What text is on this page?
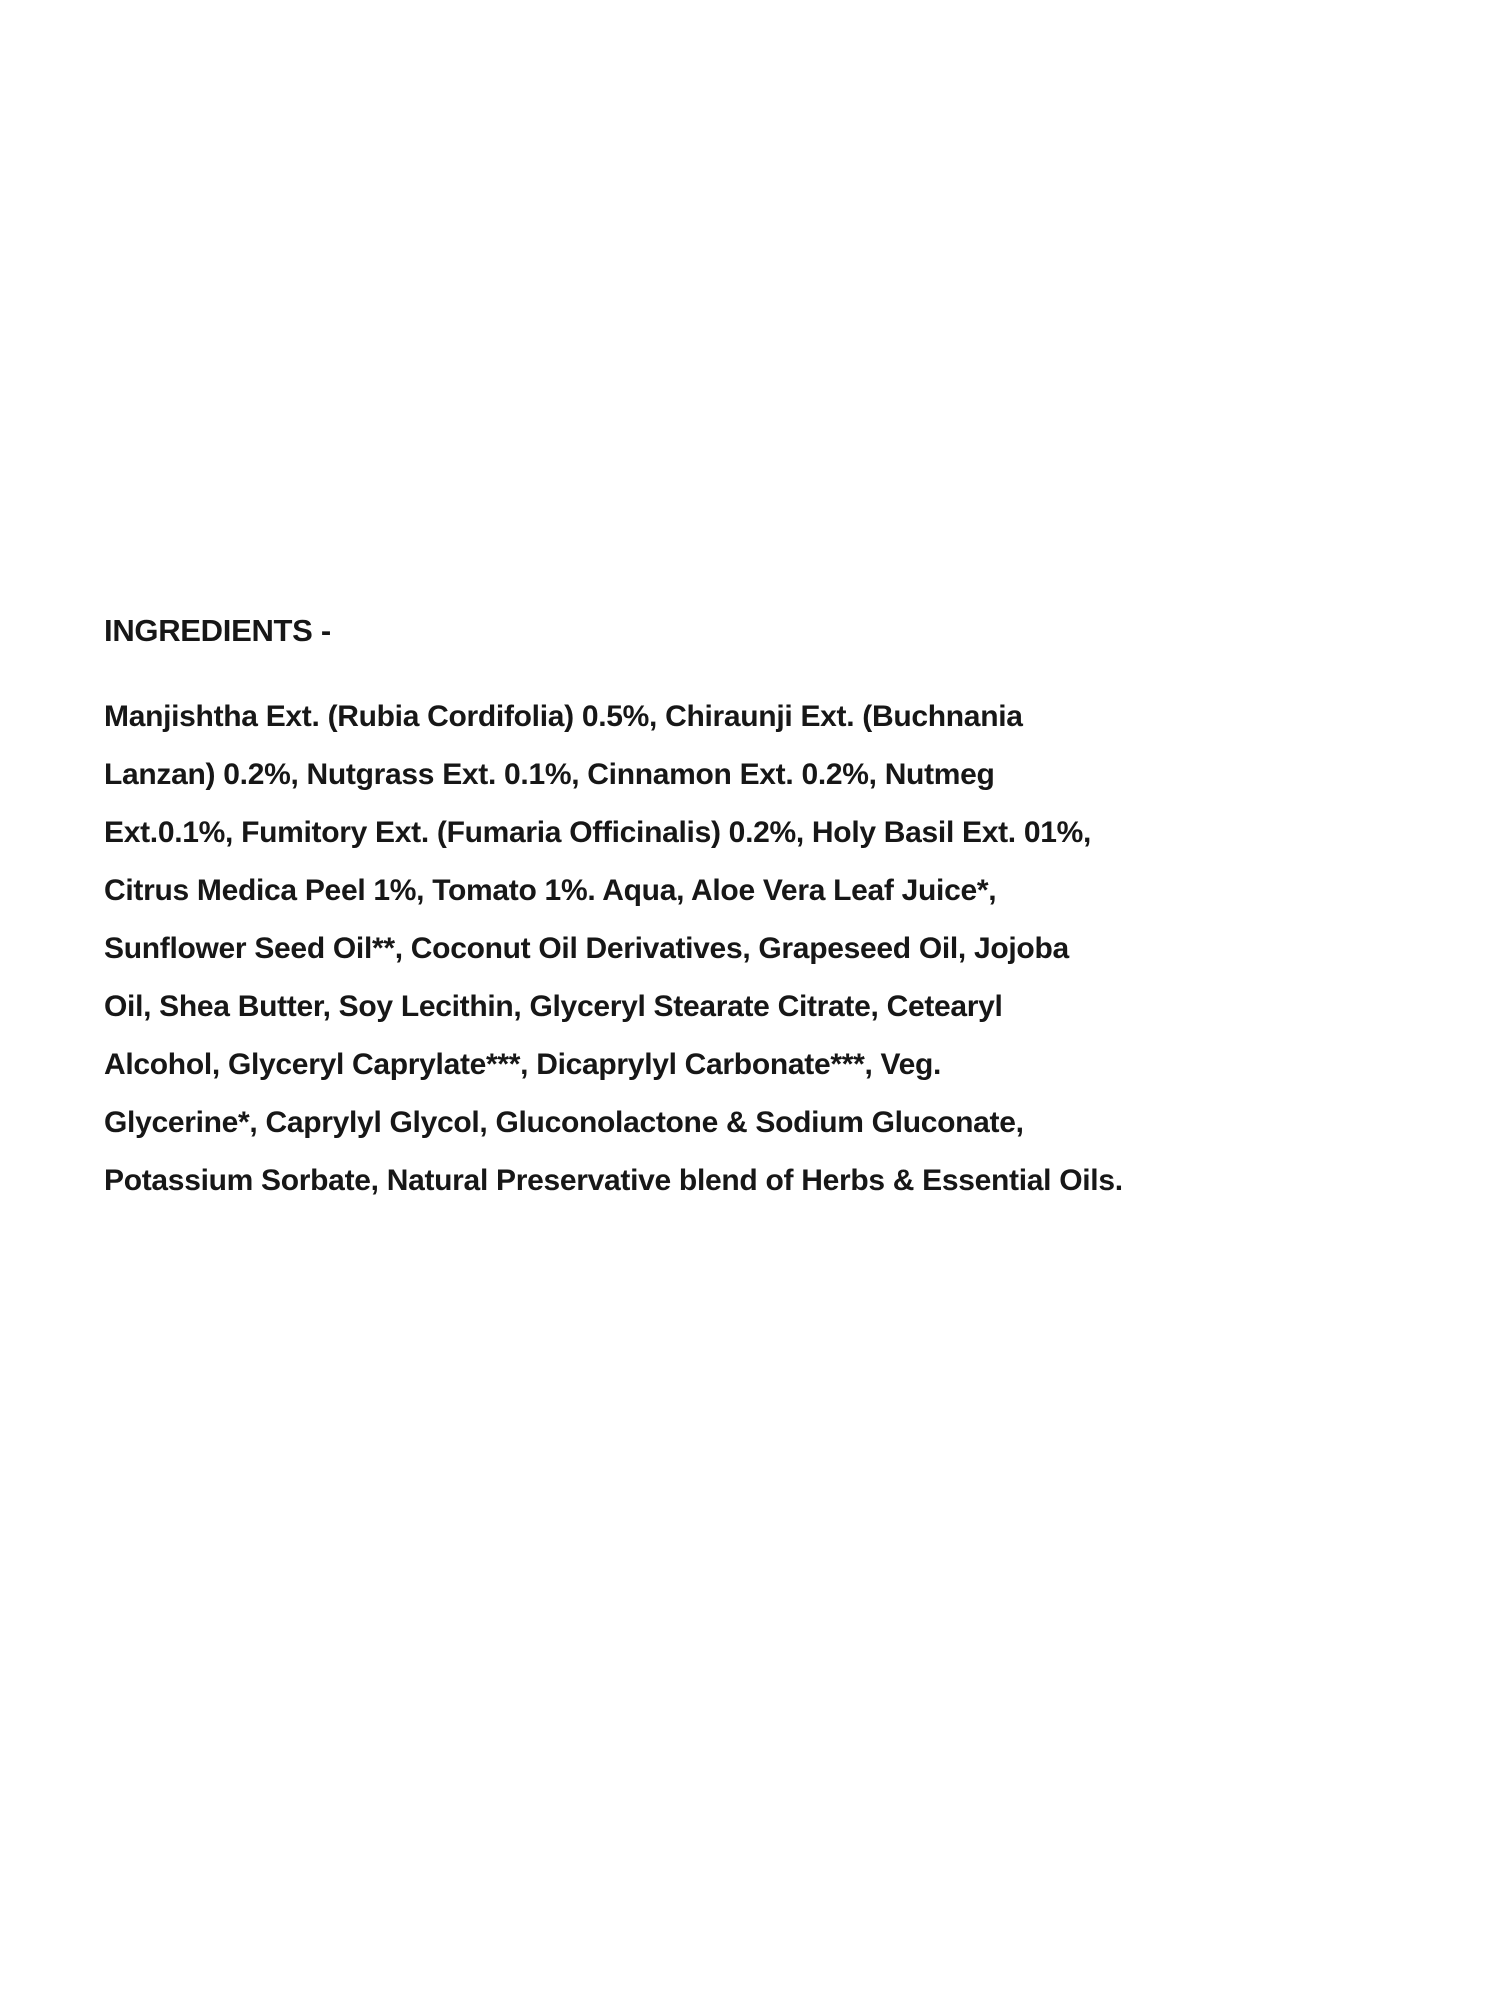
INGREDIENTS -

Manjishtha Ext. (Rubia Cordifolia) 0.5%, Chiraunji Ext. (Buchnania

Lanzan) 0.2%, Nutgrass Ext. 0.1%, Cinnamon Ext. 0.2%, Nutmeg

Ext.0.1%, Fumitory Ext. (Fumaria Officinalis) 0.2%, Holy Basil Ext. 01%,

Citrus Medica Peel 1%, Tomato 1%. Aqua, Aloe Vera Leaf Juice*,

Sunflower Seed Oil**, Coconut Oil Derivatives, Grapeseed Oil, Jojoba

Oil, Shea Butter, Soy Lecithin, Glyceryl Stearate Citrate, Cetearyl

Alcohol, Glyceryl Caprylate***, Dicaprylyl Carbonate***, Veg.

Glycerine*, Caprylyl Glycol, Gluconolactone & Sodium Gluconate,

Potassium Sorbate, Natural Preservative blend of Herbs & Essential Oils.
